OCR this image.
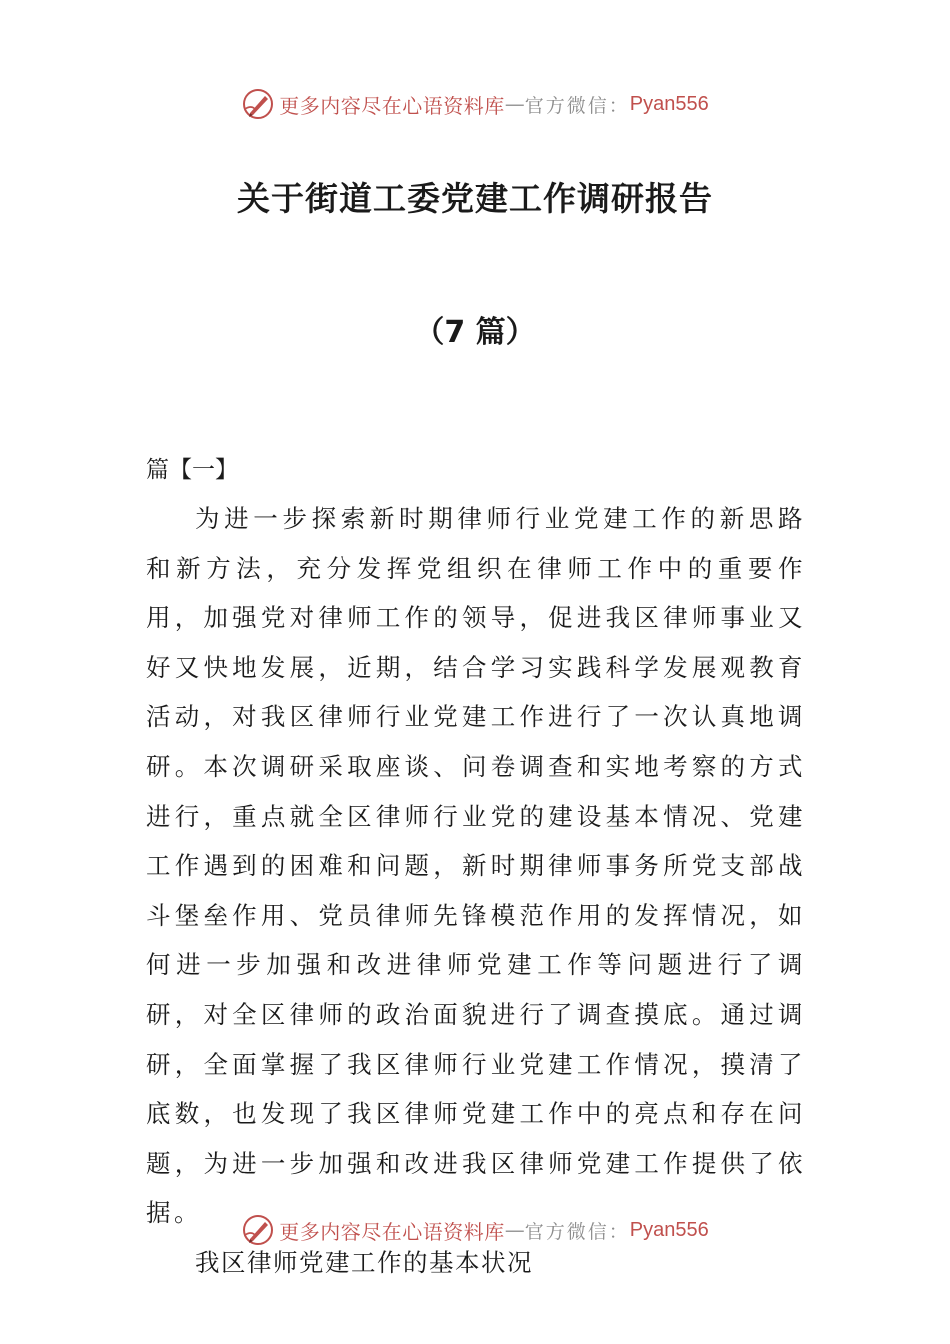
更多内容尽在心语资料库 — 官方微信： Pyan556
关于街道工委党建工作调研报告
（7 篇）
篇【一】

为进一步探索新时期律师行业党建工作的新思路和新方法，充分发挥党组织在律师工作中的重要作用，加强党对律师工作的领导，促进我区律师事业又好又快地发展，近期，结合学习实践科学发展观教育活动，对我区律师行业党建工作进行了一次认真地调研。本次调研采取座谈、问卷调查和实地考察的方式进行，重点就全区律师行业党的建设基本情况、党建工作遇到的困难和问题，新时期律师事务所党支部战斗堡垒作用、党员律师先锋模范作用的发挥情况，如何进一步加强和改进律师党建工作等问题进行了调研，对全区律师的政治面貌进行了调查摸底。通过调研，全面掌握了我区律师行业党建工作情况，摸清了底数，也发现了我区律师党建工作中的亮点和存在问题，为进一步加强和改进我区律师党建工作提供了依据。

我区律师党建工作的基本状况

更多内容尽在心语资料库 — 官方微信： Pyan556
